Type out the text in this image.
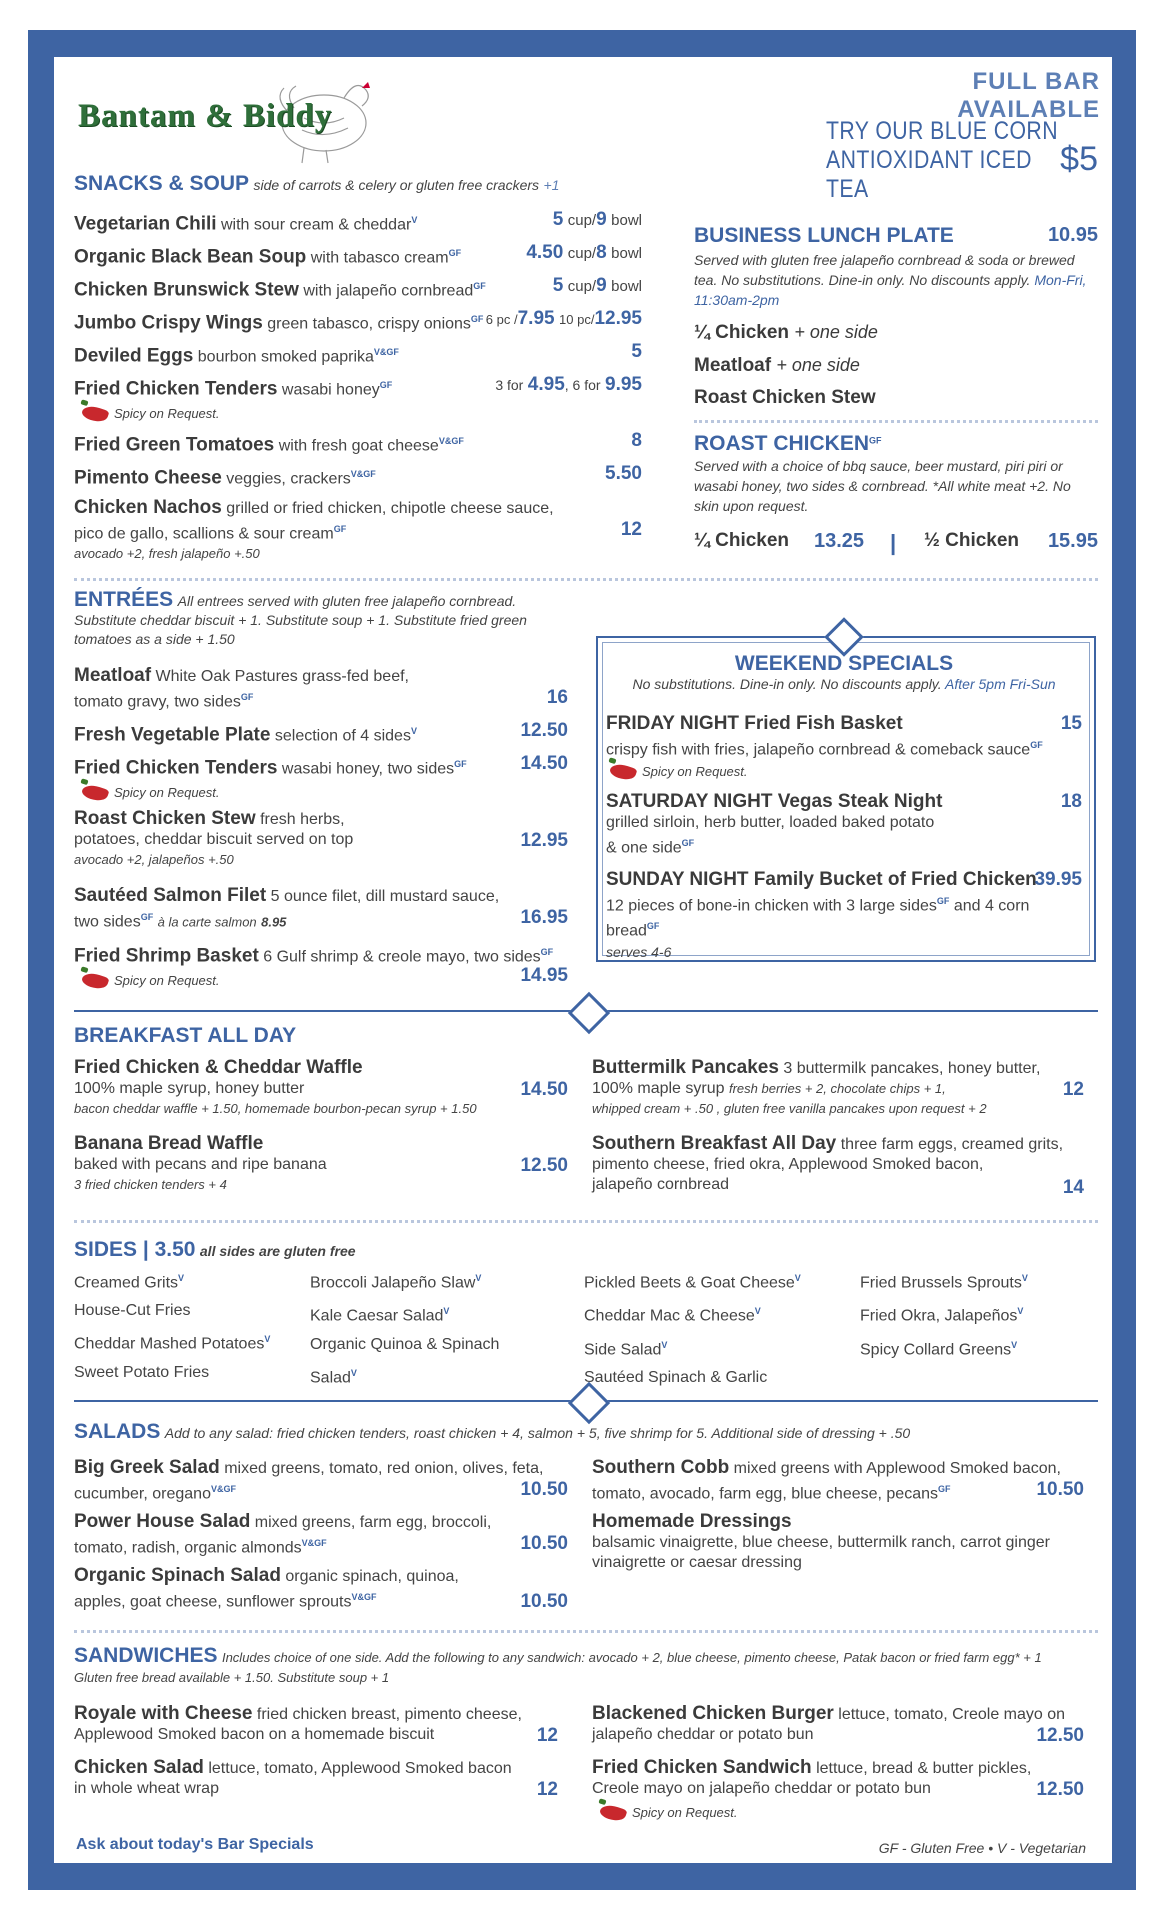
Bantam & Biddy
FULL BAR AVAILABLE
TRY OUR BLUE CORN
ANTIOXIDANT ICED TEA
$5
SNACKS & SOUP side of carrots & celery or gluten free crackers +1
Vegetarian Chili with sour cream & cheddar$^V$	5 cup/9 bowl
Organic Black Bean Soup with tabasco cream$^{GF}$	4.50 cup/8 bowl
Chicken Brunswick Stew with jalapeño cornbread$^{GF}$	5 cup/9 bowl
Jumbo Crispy Wings green tabasco, crispy onions$^{GF}$ 6 pc /7.95 10 pc/12.95
Deviled Eggs bourbon smoked paprika$^{V\&GF}$	5
Fried Chicken Tenders wasabi honey$^{GF}$	3 for 4.95, 6 for 9.95
Spicy on Request.
Fried Green Tomatoes with fresh goat cheese$^{V\&GF}$	8
Pimento Cheese veggies, crackers$^{V\&GF}$	5.50
Chicken Nachos grilled or fried chicken, chipotle cheese sauce,
pico de gallo, scallions & sour cream$^{GF}$	12
avocado +2, fresh jalapeño +.50
BUSINESS LUNCH PLATE	10.95
Served with gluten free jalapeño cornbread & soda or brewed tea. No substitutions. Dine-in only. No discounts apply. Mon-Fri, 11:30am-2pm
¼ Chicken + one side
Meatloaf + one side
Roast Chicken Stew
ROAST $CHICKEN^{GF}$
Served with a choice of bbq sauce, beer mustard, piri piri or wasabi honey, two sides & cornbread. *All white meat +2. No skin upon request.
¼ Chicken 13.25 | ½ Chicken 15.95
ENTRÉES All entrees served with gluten free jalapeño cornbread. Substitute cheddar biscuit + 1. Substitute soup + 1. Substitute fried green tomatoes as a side + 1.50
Meatloaf White Oak Pastures grass-fed beef,
tomato gravy, two sides$^{GF}$	16
Fresh Vegetable Plate selection of 4 sides$^V$	12.50
Fried Chicken Tenders wasabi honey, two sides$^{GF}$	14.50
Spicy on Request.
Roast Chicken Stew fresh herbs,
potatoes, cheddar biscuit served on top	12.95
avocado +2, jalapeños +.50
Sautéed Salmon Filet 5 ounce filet, dill mustard sauce,
two sides$^{GF}$ à la carte salmon 8.95	16.95
Fried Shrimp Basket 6 Gulf shrimp & creole mayo, two sides$^{GF}$
14.95
Spicy on Request.
WEEKEND SPECIALS
No substitutions. Dine-in only. No discounts apply. After 5pm Fri-Sun
FRIDAY NIGHT Fried Fish Basket	15

crispy fish with fries, jalapeño cornbread & comeback sauce$^{GF}$
Spicy on Request.
SATURDAY NIGHT Vegas Steak Night	18

grilled sirloin, herb butter, loaded baked potato
& one side$^{GF}$
SUNDAY NIGHT Family Bucket of Fried Chicken
39.95

12 pieces of bone-in chicken with 3 large sides$^{GF}$ and 4 corn bread$^{GF}$
serves 4-6
BREAKFAST ALL DAY
Fried Chicken & Cheddar Waffle
100% maple syrup, honey butter	14.50
bacon cheddar waffle + 1.50, homemade bourbon-pecan syrup + 1.50
Banana Bread Waffle
baked with pecans and ripe banana	12.50
3 fried chicken tenders + 4
Buttermilk Pancakes 3 buttermilk pancakes, honey butter,
100% maple syrup fresh berries + 2, chocolate chips + 1,
whipped cream + .50 , gluten free vanilla pancakes upon request + 2
12
Southern Breakfast All Day three farm eggs, creamed grits,
pimento cheese, fried okra, Applewood Smoked bacon,
jalapeño cornbread	14
SIDES | 3.50 all sides are gluten free
Creamed Grits$^V$
House-Cut Fries
Cheddar Mashed Potatoes$^V$
Sweet Potato Fries
Broccoli Jalapeño Slaw$^V$
Kale Caesar Salad$^V$
Organic Quinoa & Spinach
Salad$^V$
Pickled Beets & Goat Cheese$^V$
Cheddar Mac & Cheese$^V$
Side Salad$^V$
Sautéed Spinach & Garlic
Fried Brussels Sprouts$^V$
Fried Okra, Jalapeños$^V$
Spicy Collard Greens$^V$
SALADS Add to any salad: fried chicken tenders, roast chicken + 4, salmon + 5, five shrimp for 5. Additional side of dressing + .50
Big Greek Salad mixed greens, tomato, red onion, olives, feta,
cucumber, oregano$^{V\&GF}$	10.50
Power House Salad mixed greens, farm egg, broccoli,
tomato, radish, organic almonds$^{V\&GF}$	10.50
Organic Spinach Salad organic spinach, quinoa,
apples, goat cheese, sunflower sprouts$^{V\&GF}$	10.50
Southern Cobb mixed greens with Applewood Smoked bacon,
tomato, avocado, farm egg, blue cheese, pecans$^{GF}$	10.50
Homemade Dressings
balsamic vinaigrette, blue cheese, buttermilk ranch, carrot ginger
vinaigrette or caesar dressing
SANDWICHES Includes choice of one side. Add the following to any sandwich: avocado + 2, blue cheese, pimento cheese, Patak bacon or fried farm egg* + 1
Gluten free bread available + 1.50. Substitute soup + 1
Royale with Cheese fried chicken breast, pimento cheese,
Applewood Smoked bacon on a homemade biscuit	12
Chicken Salad lettuce, tomato, Applewood Smoked bacon
in whole wheat wrap	12
Blackened Chicken Burger lettuce, tomato, Creole mayo on
jalapeño cheddar or potato bun	12.50
Fried Chicken Sandwich lettuce, bread & butter pickles,
Creole mayo on jalapeño cheddar or potato bun	12.50
Spicy on Request.
Ask about today's Bar Specials	GF - Gluten Free • V - Vegetarian
